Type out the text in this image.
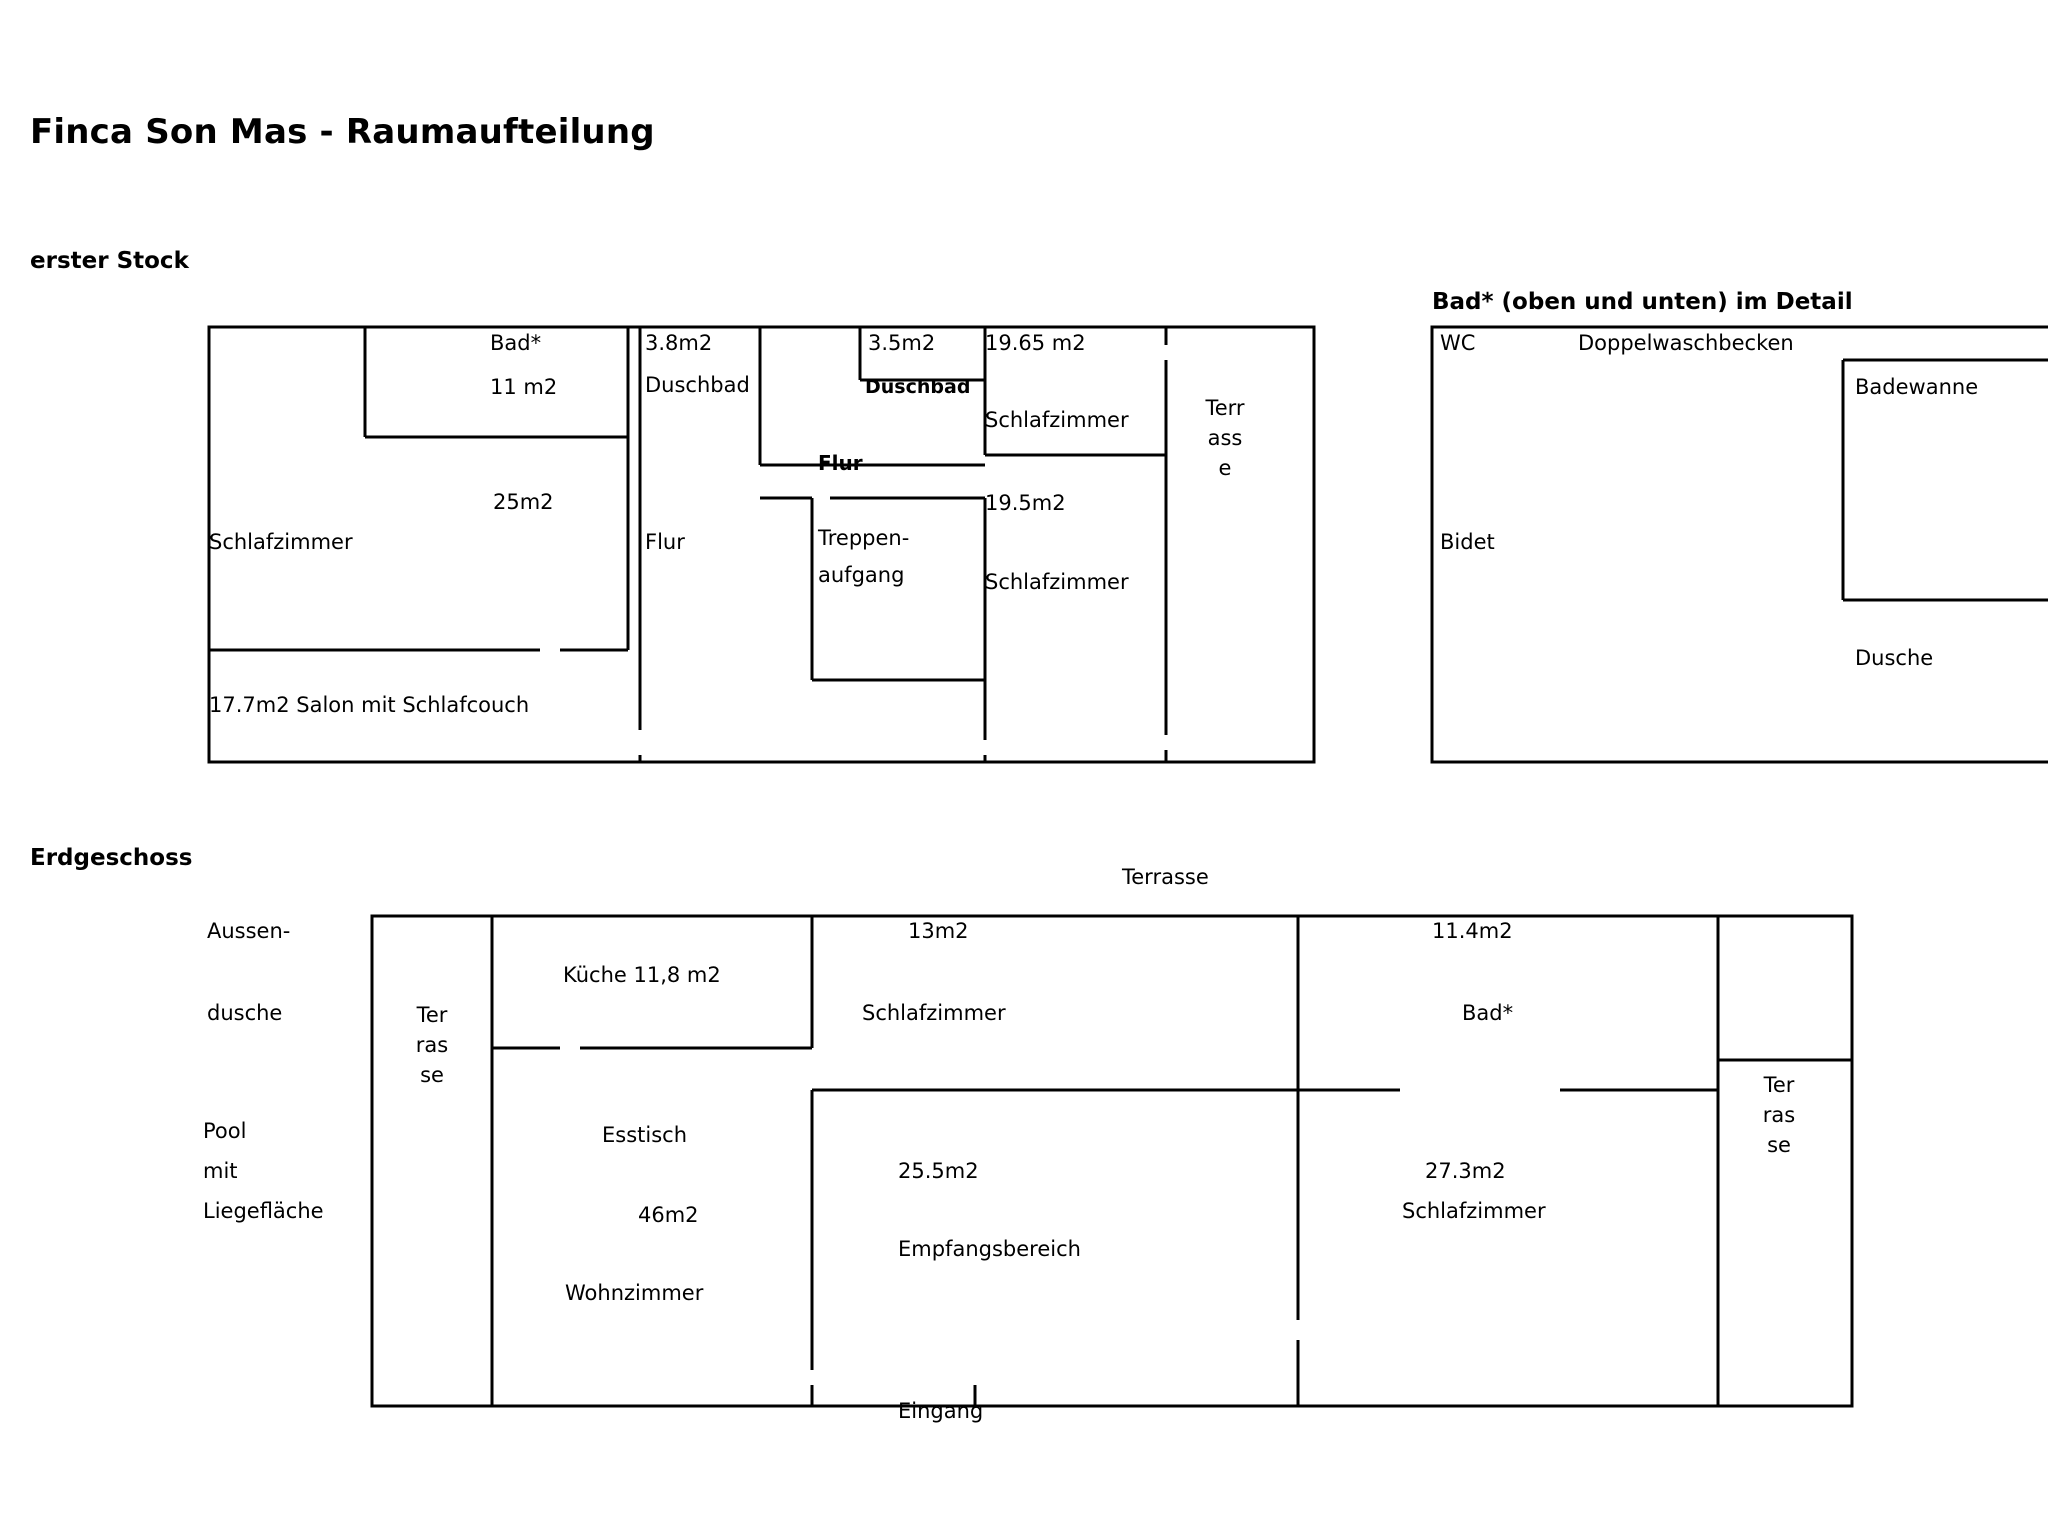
Finca Son Mas - Raumaufteilung
erster Stock
Erdgeschoss
Bad* (oben und unten) im Detail
Bad*
11 m2
25m2
Schlafzimmer
17.7m2 Salon mit Schlafcouch
3.8m2
Duschbad
Flur
3.5m2
Duschbad
Flur
Treppen-
aufgang
19.65 m2
Schlafzimmer
19.5m2
Schlafzimmer
Terrasse
WC	Doppelwaschbecken
Badewanne
Bidet
Dusche
Terrasse
Eingang
Aussen-
dusche
Pool
mit
Liegefläche
Terrasse	Terrasse
Küche 11,8 m2
Esstisch
46m2
Wohnzimmer
13m2
Schlafzimmer
25.5m2
Empfangsbereich
11.4m2
Bad*
27.3m2
Schlafzimmer
